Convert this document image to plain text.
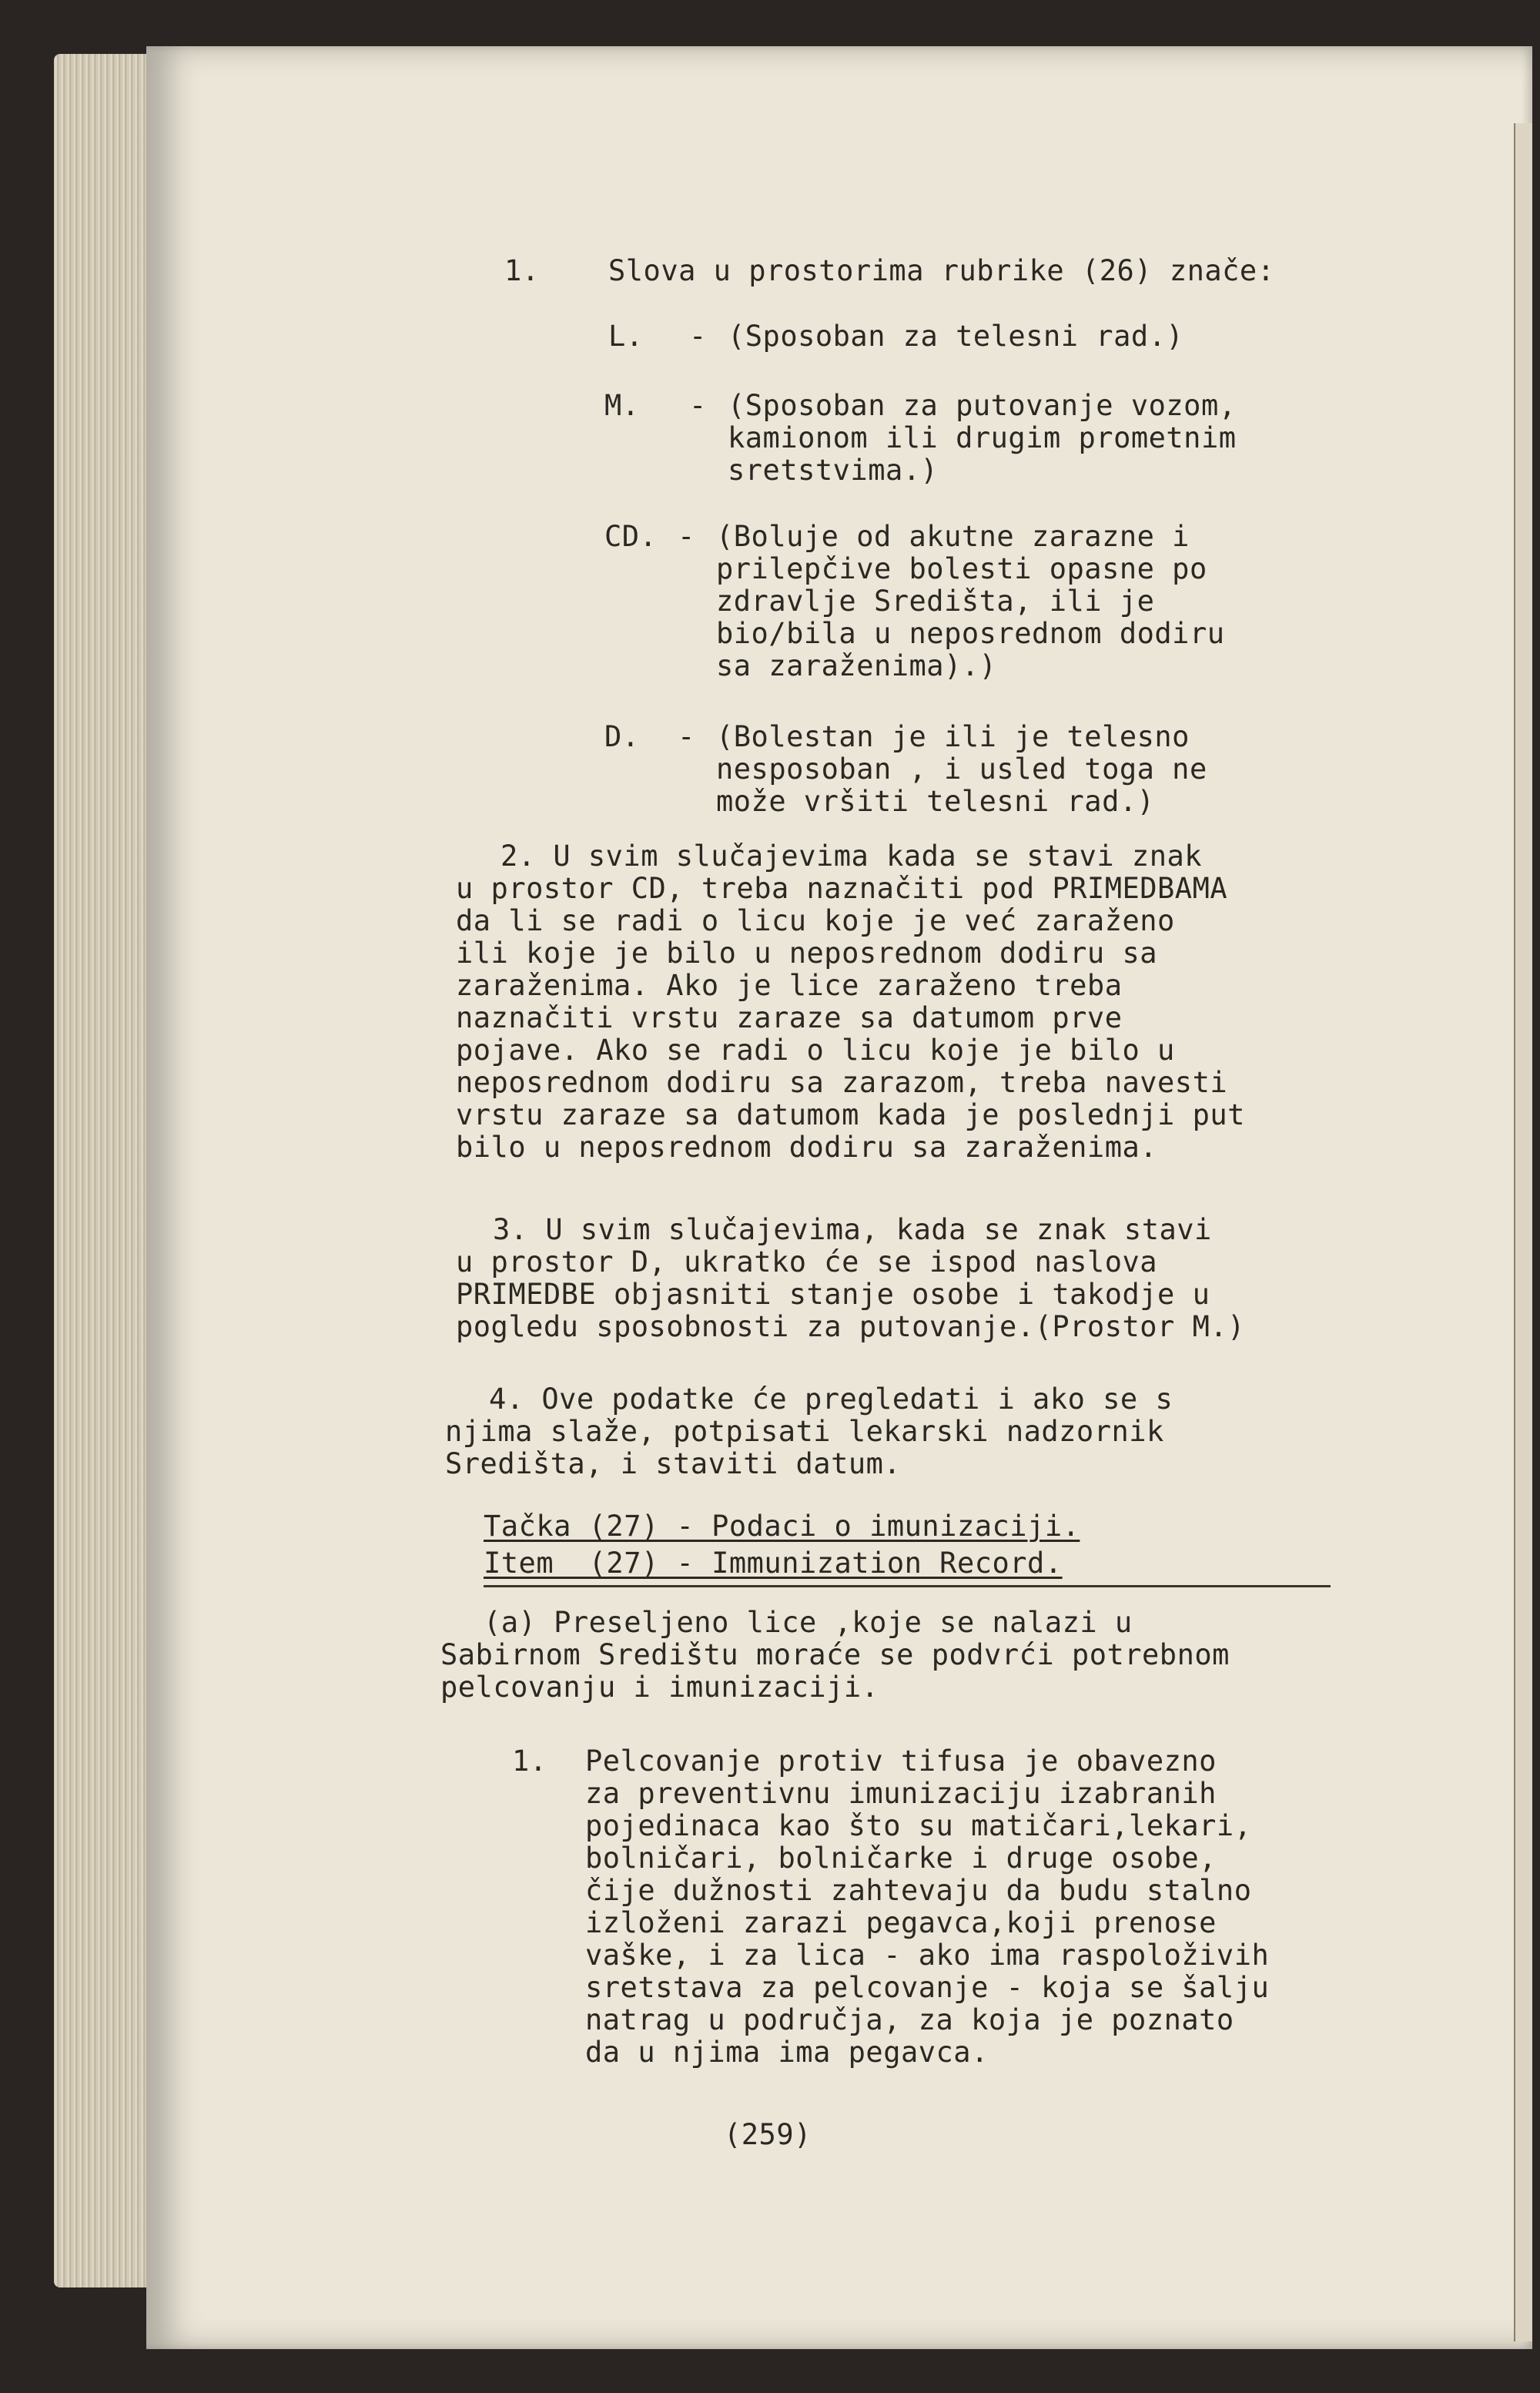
1. Slova u prostorima rubrike (26) znače:
L. - (Sposoban za telesni rad.)
M. - (Sposoban za putovanje vozom,
kamionom ili drugim prometnim
sretstvima.)
CD. - (Boluje od akutne zarazne i
prilepčive bolesti opasne po
zdravlje Središta, ili je
bio/bila u neposrednom dodiru
sa zaraženima).)
D. - (Bolestan je ili je telesno
nesposoban , i usled toga ne
može vršiti telesni rad.)
2. U svim slučajevima kada se stavi znak
u prostor CD, treba naznačiti pod PRIMEDBAMA
da li se radi o licu koje je već zaraženo
ili koje je bilo u neposrednom dodiru sa
zaraženima. Ako je lice zaraženo treba
naznačiti vrstu zaraze sa datumom prve
pojave. Ako se radi o licu koje je bilo u
neposrednom dodiru sa zarazom, treba navesti
vrstu zaraze sa datumom kada je poslednji put
bilo u neposrednom dodiru sa zaraženima.
3. U svim slučajevima, kada se znak stavi
u prostor D, ukratko će se ispod naslova
PRIMEDBE objasniti stanje osobe i takodje u
pogledu sposobnosti za putovanje.(Prostor M.)
4. Ove podatke će pregledati i ako se s
njima slaže, potpisati lekarski nadzornik
Središta, i staviti datum.
Tačka (27) - Podaci o imunizaciji.
Item  (27) - Immunization Record.
(a) Preseljeno lice ,koje se nalazi u
Sabirnom Središtu moraće se podvrći potrebnom
pelcovanju i imunizaciji.
1. Pelcovanje protiv tifusa je obavezno
za preventivnu imunizaciju izabranih
pojedinaca kao što su matičari,lekari,
bolničari, bolničarke i druge osobe,
čije dužnosti zahtevaju da budu stalno
izloženi zarazi pegavca,koji prenose
vaške, i za lica - ako ima raspoloživih
sretstava za pelcovanje - koja se šalju
natrag u područja, za koja je poznato
da u njima ima pegavca.
(259)
